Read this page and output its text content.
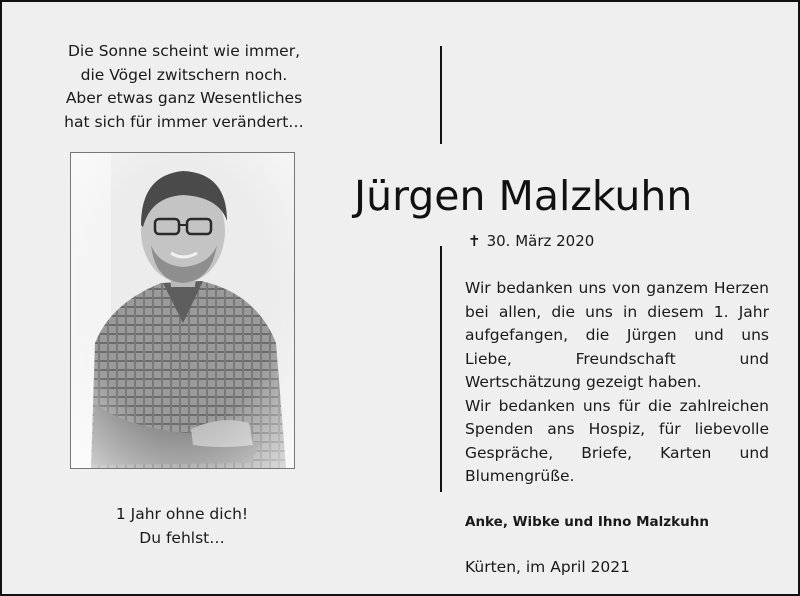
Die Sonne scheint wie immer,
die Vögel zwitschern noch.
Aber etwas ganz Wesentliches
hat sich für immer verändert…
Jürgen Malzkuhn
✝ 30. März 2020

Wir bedanken uns von ganzem Herzen bei allen, die uns in diesem 1. Jahr aufgefangen, die Jürgen und uns Liebe, Freundschaft und Wertschätzung gezeigt haben.

Wir bedanken uns für die zahlreichen Spenden ans Hospiz, für liebevolle Gespräche, Briefe, Karten und Blumengrüße.

Anke, Wibke und Ihno Malzkuhn
Kürten, im April 2021
1 Jahr ohne dich!
Du fehlst…
